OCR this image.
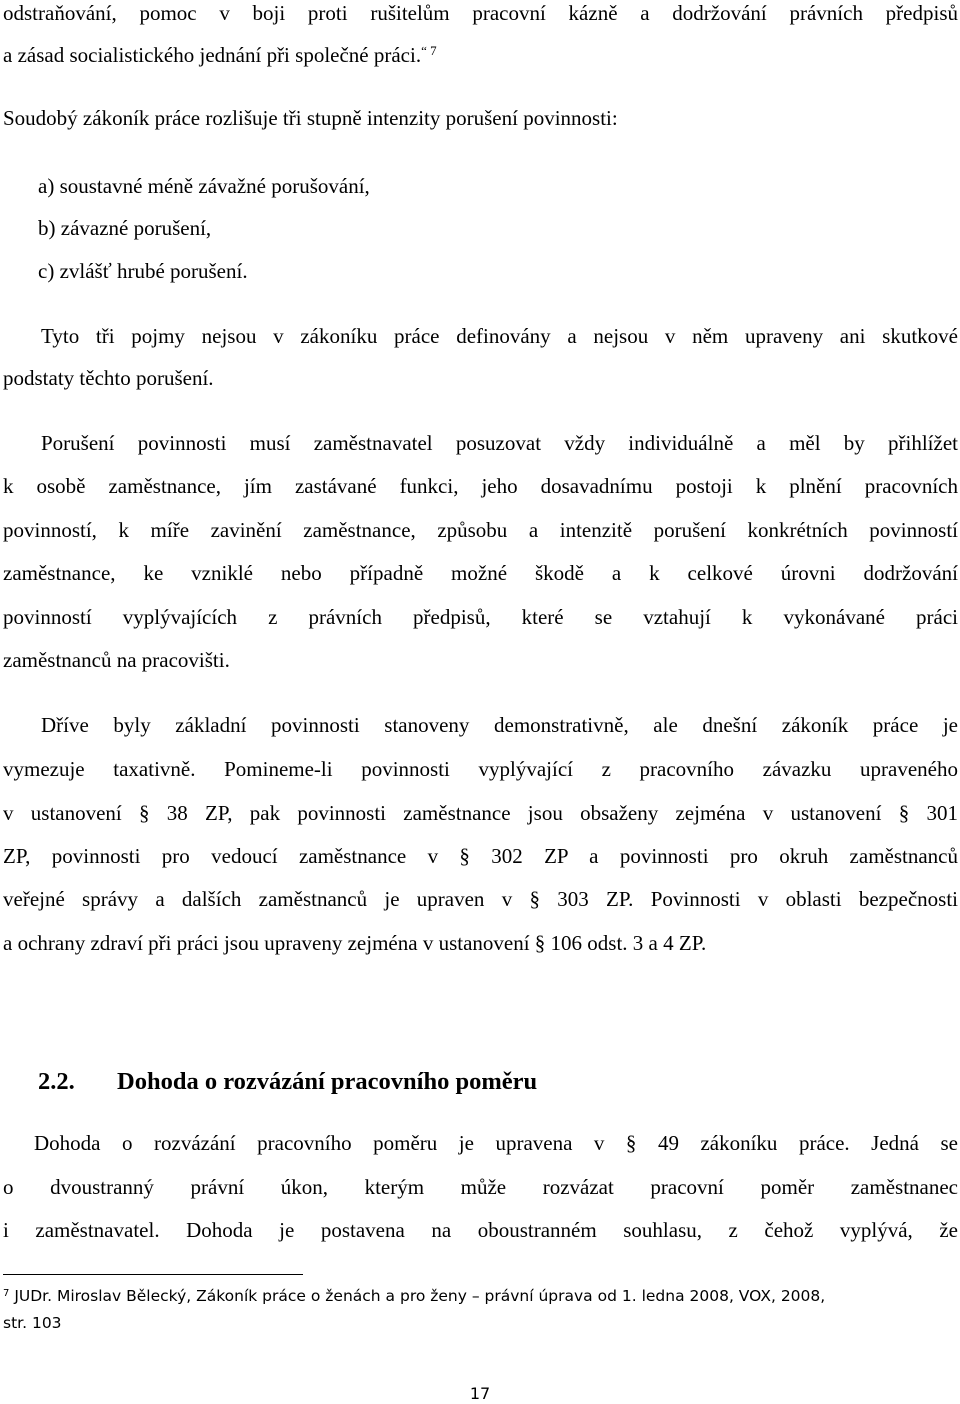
odstraňování, pomoc v boji proti rušitelům pracovní kázně a dodržování právních předpisů
a zásad socialistického jednání při společné práci.$^{“ 7}$
Soudobý zákoník práce rozlišuje tři stupně intenzity porušení povinnosti:
a) soustavné méně závažné porušování,
b) závazné porušení,
c) zvlášť hrubé porušení.
Tyto tři pojmy nejsou v zákoníku práce definovány a nejsou v něm upraveny ani skutkové
podstaty těchto porušení.
Porušení povinnosti musí zaměstnavatel posuzovat vždy individuálně a měl by přihlížet
k osobě zaměstnance, jím zastávané funkci, jeho dosavadnímu postoji k plnění pracovních
povinností, k míře zavinění zaměstnance, způsobu a intenzitě porušení konkrétních povinností
zaměstnance, ke vzniklé nebo případně možné škodě a k celkové úrovni dodržování
povinností vyplývajících z právních předpisů, které se vztahují k vykonávané práci
zaměstnanců na pracovišti.
Dříve byly základní povinnosti stanoveny demonstrativně, ale dnešní zákoník práce je
vymezuje taxativně. Pomineme-li povinnosti vyplývající z pracovního závazku upraveného
v ustanovení § 38 ZP, pak povinnosti zaměstnance jsou obsaženy zejména v ustanovení § 301
ZP, povinnosti pro vedoucí zaměstnance v § 302 ZP a povinnosti pro okruh zaměstnanců
veřejné správy a dalších zaměstnanců je upraven v § 303 ZP. Povinnosti v oblasti bezpečnosti
a ochrany zdraví při práci jsou upraveny zejména v ustanovení § 106 odst. 3 a 4 ZP.
2.2. Dohoda o rozvázání pracovního poměru
Dohoda o rozvázání pracovního poměru je upravena v § 49 zákoníku práce. Jedná se
o dvoustranný právní úkon, kterým může rozvázat pracovní poměr zaměstnanec
i zaměstnavatel. Dohoda je postavena na oboustranném souhlasu, z čehož vyplývá, že
$^7$ JUDr. Miroslav Bělecký, Zákoník práce o ženách a pro ženy – právní úprava od 1. ledna 2008, VOX, 2008,
str. 103
17
